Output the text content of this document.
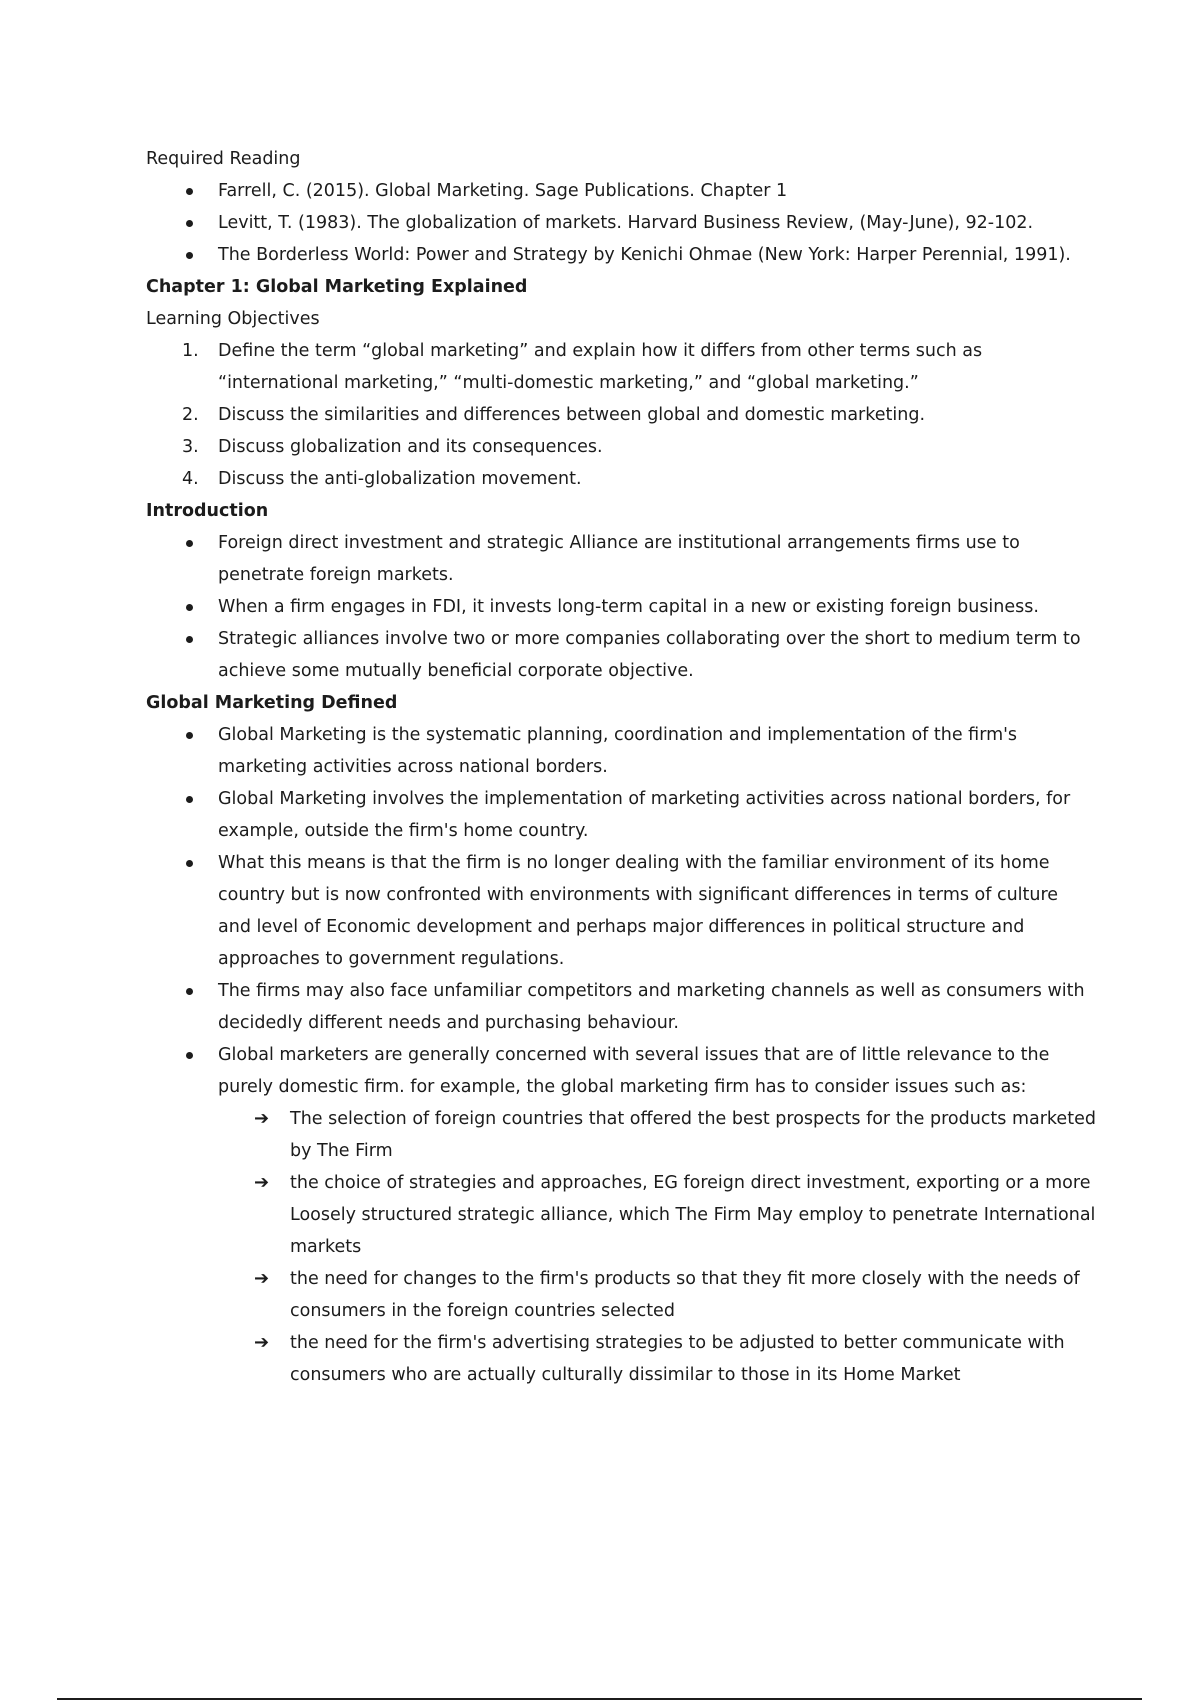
Required Reading

Farrell, C. (2015). Global Marketing. Sage Publications. Chapter 1
Levitt, T. (1983). The globalization of markets. Harvard Business Review, (May-June), 92-102.
The Borderless World: Power and Strategy by Kenichi Ohmae (New York: Harper Perennial, 1991).

Chapter 1: Global Marketing Explained

Learning Objectives

1.	Define the term “global marketing” and explain how it differs from other terms such as “international marketing,” “multi-domestic marketing,” and “global marketing.”
2.	Discuss the similarities and differences between global and domestic marketing.
3.	Discuss globalization and its consequences.
4.	Discuss the anti-globalization movement.

Introduction

Foreign direct investment and strategic Alliance are institutional arrangements firms use to penetrate foreign markets.
When a firm engages in FDI, it invests long-term capital in a new or existing foreign business.
Strategic alliances involve two or more companies collaborating over the short to medium term to achieve some mutually beneficial corporate objective.

Global Marketing Defined

Global Marketing is the systematic planning, coordination and implementation of the firm's marketing activities across national borders.
Global Marketing involves the implementation of marketing activities across national borders, for example, outside the firm's home country.
What this means is that the firm is no longer dealing with the familiar environment of its home country but is now confronted with environments with significant differences in terms of culture and level of Economic development and perhaps major differences in political structure and approaches to government regulations.
The firms may also face unfamiliar competitors and marketing channels as well as consumers with decidedly different needs and purchasing behaviour.
Global marketers are generally concerned with several issues that are of little relevance to the purely domestic firm. for example, the global marketing firm has to consider issues such as:
➔ The selection of foreign countries that offered the best prospects for the products marketed by The Firm
➔ the choice of strategies and approaches, EG foreign direct investment, exporting or a more Loosely structured strategic alliance, which The Firm May employ to penetrate International markets
➔ the need for changes to the firm's products so that they fit more closely with the needs of consumers in the foreign countries selected
➔ the need for the firm's advertising strategies to be adjusted to better communicate with consumers who are actually culturally dissimilar to those in its Home Market
